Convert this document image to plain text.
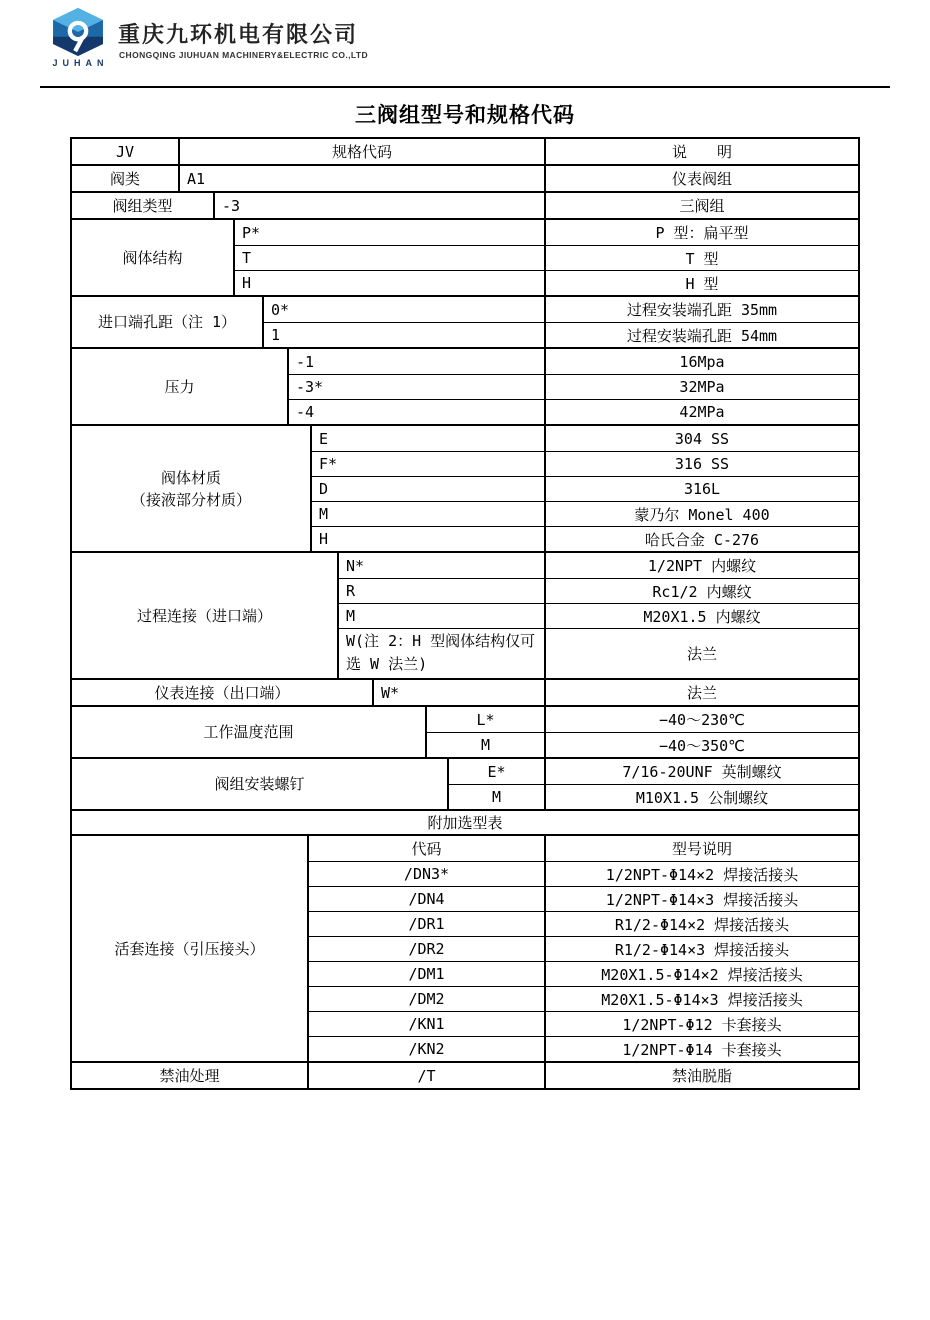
JUHAN
重庆九环机电有限公司
CHONGQING JIUHUAN MACHINERY&ELECTRIC CO.,LTD
三阀组型号和规格代码
JV	规格代码	说　　明
阀类	A1	仪表阀组
阀组类型	-3	三阀组
阀体结构
P*	P 型：扁平型
T	T 型
H	H 型
进口端孔距（注 1）
0*	过程安装端孔距 35mm
1	过程安装端孔距 54mm
压力
-1	16Mpa
-3*	32MPa
-4	42MPa
阀体材质
（接液部分材质）
E	304 SS
F*	316 SS
D	316L
M	蒙乃尔 Monel 400
H	哈氏合金 C-276
过程连接（进口端）
N*	1/2NPT 内螺纹
R	Rc1/2 内螺纹
M	M20X1.5 内螺纹
W(注 2：H 型阀体结构仅可选 W 法兰)
法兰
仪表连接（出口端）	W*	法兰
工作温度范围
L*	−40～230℃
M	−40～350℃
阀组安装螺钉
E*	7/16-20UNF 英制螺纹
M	M10X1.5 公制螺纹
附加选型表
活套连接（引压接头）
代码	型号说明
/DN3*	1/2NPT-Φ14×2 焊接活接头
/DN4	1/2NPT-Φ14×3 焊接活接头
/DR1	R1/2-Φ14×2 焊接活接头
/DR2	R1/2-Φ14×3 焊接活接头
/DM1	M20X1.5-Φ14×2 焊接活接头
/DM2	M20X1.5-Φ14×3 焊接活接头
/KN1	1/2NPT-Φ12 卡套接头
/KN2	1/2NPT-Φ14 卡套接头
禁油处理	/T	禁油脱脂
